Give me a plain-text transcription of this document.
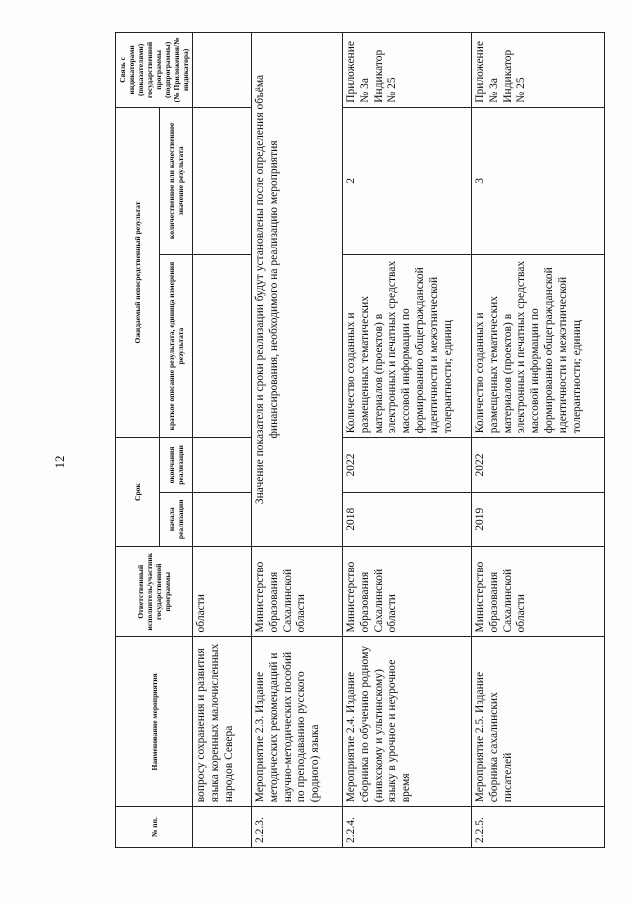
12
№ пп.	Наименование мероприятия	Ответственный исполнитель/участник государственной программы	Срок		Ожидаемый непосредственный результат		Связь с индикаторами (показателями) государственной программы (подпрограммы) (№ Приложения/№ индикатора)
			начала реализации	окончания реализации	краткое описание результата, единица измерения результата	количественное или качественное значение результата	
	вопросу сохранения и развития языка коренных малочисленных народов Севера	области					
2.2.3.	Мероприятие 2.3. Издание методических рекомендаций и научно-методических пособий по преподаванию русского (родного) языка	Министерство образования Сахалинской области	Значение показателя и сроки реализации будут установлены после определения объёма финансирования, необходимого на реализацию мероприятия				
2.2.4.	Мероприятие 2.4. Издание сборника по обучению родному (нивхскому и ультинскому) языку в урочное и неурочное время	Министерство образования Сахалинской области	2018	2022	Количество созданных и размещенных тематических материалов (проектов) в электронных и печатных средствах массовой информации по формированию общегражданской идентичности и межэтнической толерантности; единиц	2	Приложение № 3а Индикатор № 25
2.2.5.	Мероприятие 2.5. Издание сборника сахалинских писателей	Министерство образования Сахалинской области	2019	2022	Количество созданных и размещенных тематических материалов (проектов) в электронных и печатных средствах массовой информации по формированию общегражданской идентичности и межэтнической толерантности; единиц	3	Приложение № 3а Индикатор № 25
